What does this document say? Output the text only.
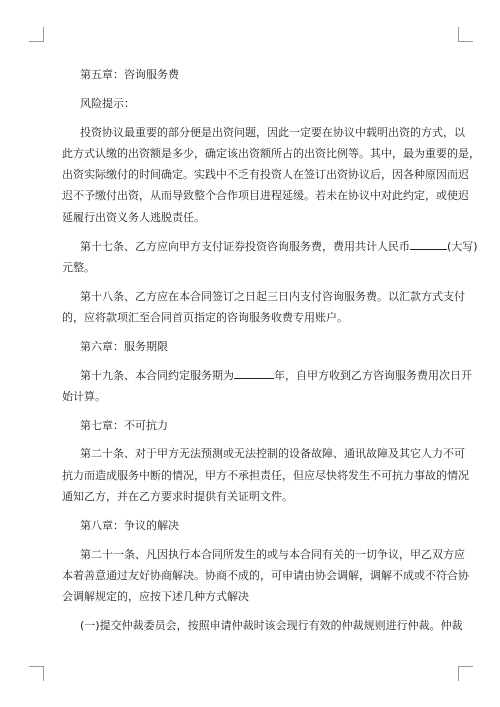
第五章：咨询服务费
风险提示：
投资协议最重要的部分便是出资问题，因此一定要在协议中载明出资的方式，以
此方式认缴的出资额是多少，确定该出资额所占的出资比例等。其中，最为重要的是，
出资实际缴付的时间确定。实践中不乏有投资人在签订出资协议后，因各种原因而迟
迟不予缴付出资，从而导致整个合作项目进程延缓。若未在协议中对此约定，或使迟
延履行出资义务人逃脱责任。
第十七条、乙方应向甲方支付证券投资咨询服务费，费用共计人民币	(大写)
元整。
第十八条、乙方应在本合同签订之日起三日内支付咨询服务费。以汇款方式支付
的，应将款项汇至合同首页指定的咨询服务收费专用账户。
第六章：服务期限
第十九条、本合同约定服务期为	年，自甲方收到乙方咨询服务费用次日开
始计算。
第七章：不可抗力
第二十条、对于甲方无法预测或无法控制的设备故障、通讯故障及其它人力不可
抗力而造成服务中断的情况，甲方不承担责任，但应尽快将发生不可抗力事故的情况
通知乙方，并在乙方要求时提供有关证明文件。
第八章：争议的解决
第二十一条、凡因执行本合同所发生的或与本合同有关的一切争议，甲乙双方应
本着善意通过友好协商解决。协商不成的，可申请由协会调解，调解不成或不符合协
会调解规定的，应按下述几种方式解决
(一)提交仲裁委员会，按照申请仲裁时该会现行有效的仲裁规则进行仲裁。仲裁
